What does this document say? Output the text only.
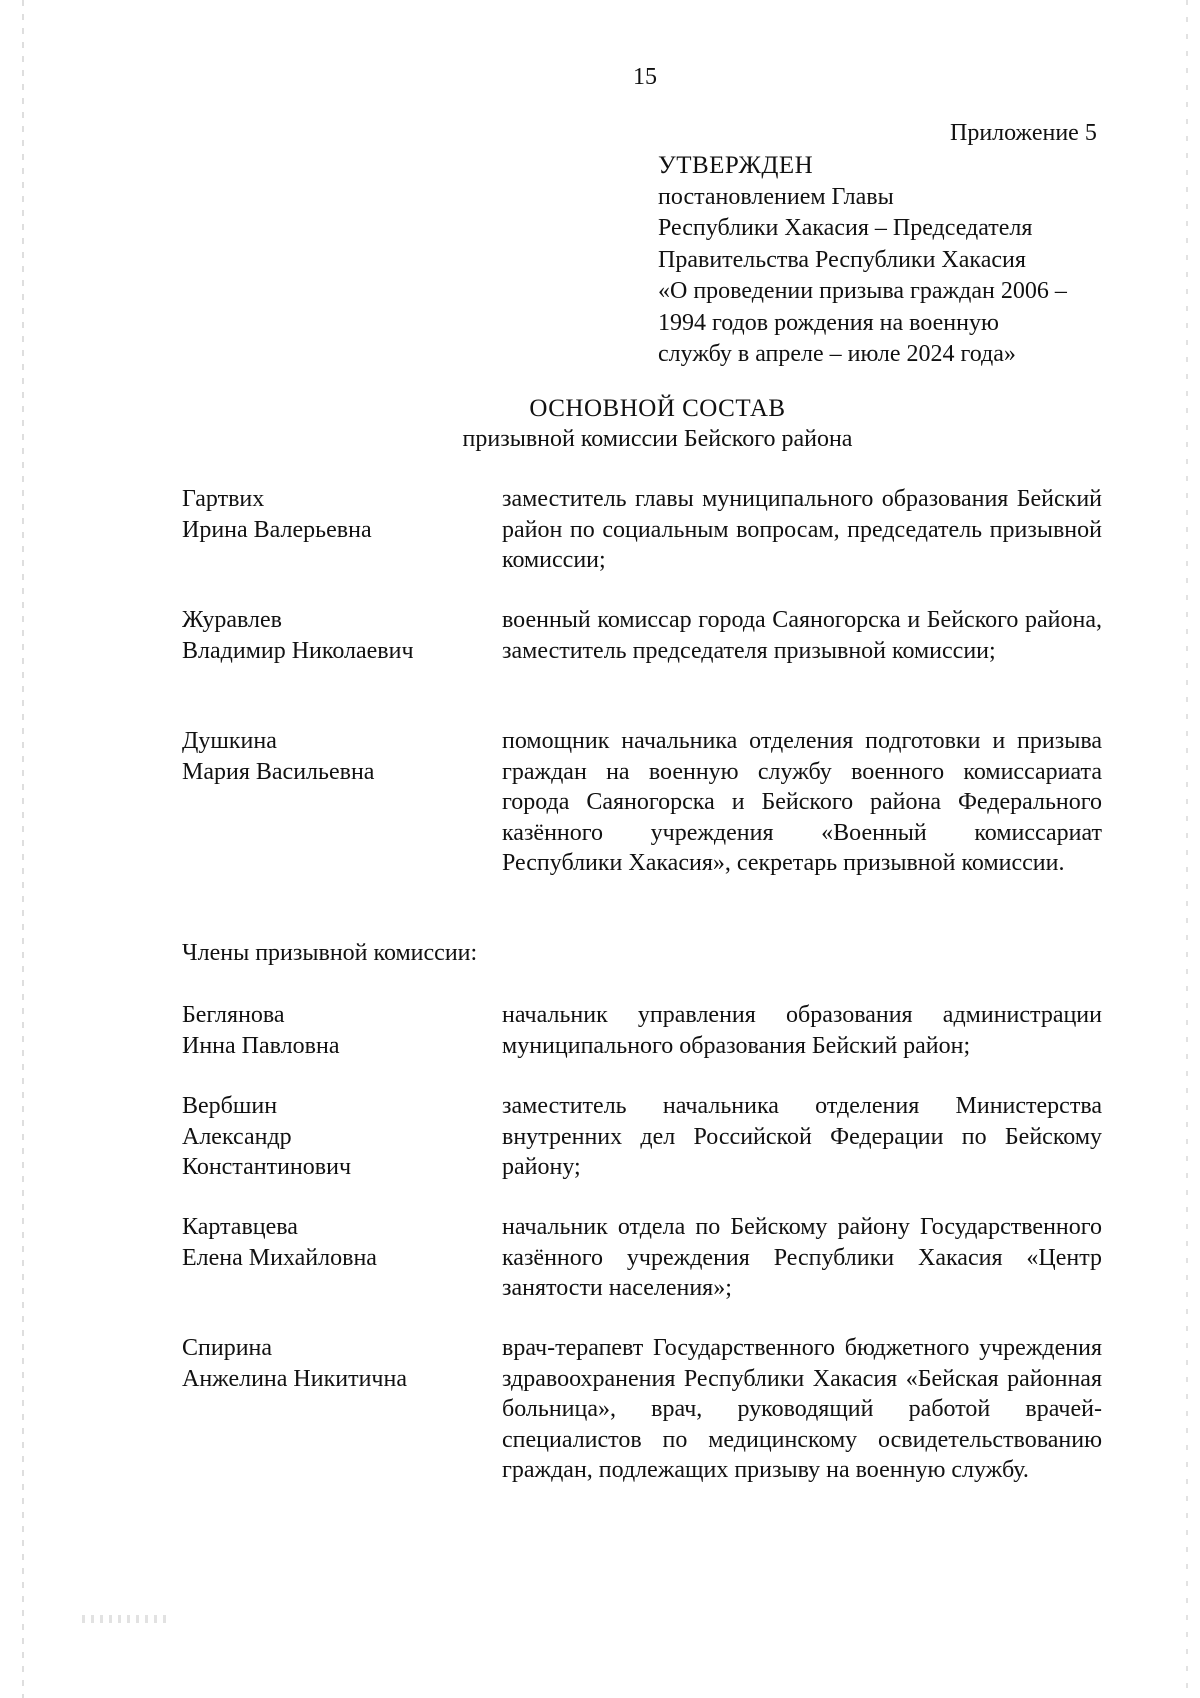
15
Приложение 5
УТВЕРЖДЕН
постановлением Главы
Республики Хакасия – Председателя
Правительства Республики Хакасия
«О проведении призыва граждан 2006 –
1994 годов рождения на военную
службу в апреле – июле 2024 года»
ОСНОВНОЙ СОСТАВ
призывной комиссии Бейского района
Гартвих
Ирина Валерьевна
заместитель главы муниципального образования Бейский район по социальным вопросам, председатель призывной комиссии;
Журавлев
Владимир Николаевич
военный комиссар города Саяногорска и Бейского района, заместитель председателя призывной комиссии;
Душкина
Мария Васильевна
помощник начальника отделения подготовки и призыва граждан на военную службу военного комиссариата города Саяногорска и Бейского района Федерального казённого учреждения «Военный комиссариат Республики Хакасия», секретарь призывной комиссии.
Члены призывной комиссии:
Беглянова
Инна Павловна
начальник управления образования администрации муниципального образования Бейский район;
Вербшин
Александр
Константинович
заместитель начальника отделения Министерства внутренних дел Российской Федерации по Бейскому району;
Картавцева
Елена Михайловна
начальник отдела по Бейскому району Государственного казённого учреждения Республики Хакасия «Центр занятости населения»;
Спирина
Анжелина Никитична
врач-терапевт Государственного бюджетного учреждения здравоохранения Республики Хакасия «Бейская районная больница», врач, руководящий работой врачей-специалистов по медицинскому освидетельствованию граждан, подлежащих призыву на военную службу.
